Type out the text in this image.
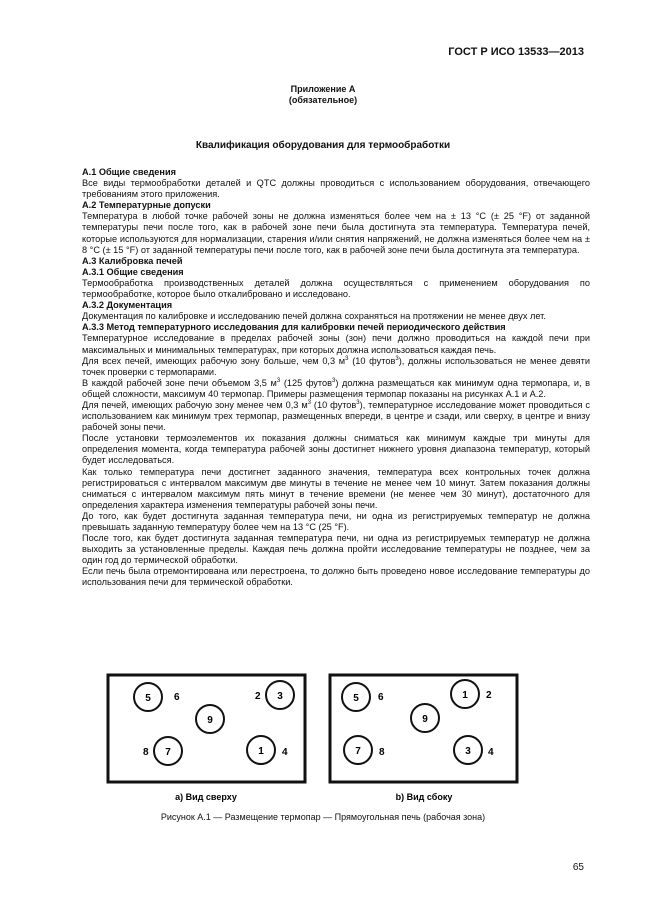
ГОСТ Р ИСО 13533—2013
Приложение А
(обязательное)
Квалификация оборудования для термообработки

А.1 Общие сведения

Все виды термообработки деталей и QTC должны проводиться с использованием оборудования, отвечающего требованиям этого приложения.

А.2 Температурные допуски

Температура в любой точке рабочей зоны не должна изменяться более чем на ± 13 °С (± 25 °F) от заданной температуры печи после того, как в рабочей зоне печи была достигнута эта температура. Температура печей, которые используются для нормализации, старения и/или снятия напряжений, не должна изменяться более чем на ± 8 °С (± 15 °F) от заданной температуры печи после того, как в рабочей зоне печи была достигнута эта температура.

А.3 Калибровка печей

А.3.1 Общие сведения

Термообработка производственных деталей должна осуществляться с применением оборудования по термообработке, которое было откалибровано и исследовано.

А.3.2 Документация

Документация по калибровке и исследованию печей должна сохраняться на протяжении не менее двух лет.

А.3.3 Метод температурного исследования для калибровки печей периодического действия

Температурное исследование в пределах рабочей зоны (зон) печи должно проводиться на каждой печи при максимальных и минимальных температурах, при которых должна использоваться каждая печь.

Для всех печей, имеющих рабочую зону больше, чем 0,3 $м^3$ (10 футов$^3$), должны использоваться не менее девяти точек проверки с термопарами.

В каждой рабочей зоне печи объемом 3,5 $м^3$ (125 футов$^3$) должна размещаться как минимум одна термопара, и, в общей сложности, максимум 40 термопар. Примеры размещения термопар показаны на рисунках А.1 и А.2.

Для печей, имеющих рабочую зону менее чем 0,3 $м^3$ (10 футов$^3$), температурное исследование может проводиться с использованием как минимум трех термопар, размещенных впереди, в центре и сзади, или сверху, в центре и внизу рабочей зоны печи.

После установки термоэлементов их показания должны сниматься как минимум каждые три минуты для определения момента, когда температура рабочей зоны достигнет нижнего уровня диапазона температур, который будет исследоваться.

Как только температура печи достигнет заданного значения, температура всех контрольных точек должна регистрироваться с интервалом максимум две минуты в течение не менее чем 10 минут. Затем показания должны сниматься с интервалом максимум пять минут в течение времени (не менее чем 30 минут), достаточного для определения характера изменения температуры рабочей зоны печи.

До того, как будет достигнута заданная температура печи, ни одна из регистрируемых температур не должна превышать заданную температуру более чем на 13 °С (25 °F).

После того, как будет достигнута заданная температура печи, ни одна из регистрируемых температур не должна выходить за установленные пределы. Каждая печь должна пройти исследование температуры не позднее, чем за один год до термической обработки.

Если печь была отремонтирована или перестроена, то должно быть проведено новое исследование температуры до использования печи для термической обработки.

5	3
9
7	1
6	2
8	4
а) Вид сверху
5	1
9
7	3
6	2
8	4
b) Вид сбоку
Рисунок А.1 — Размещение термопар — Прямоугольная печь (рабочая зона)
65
